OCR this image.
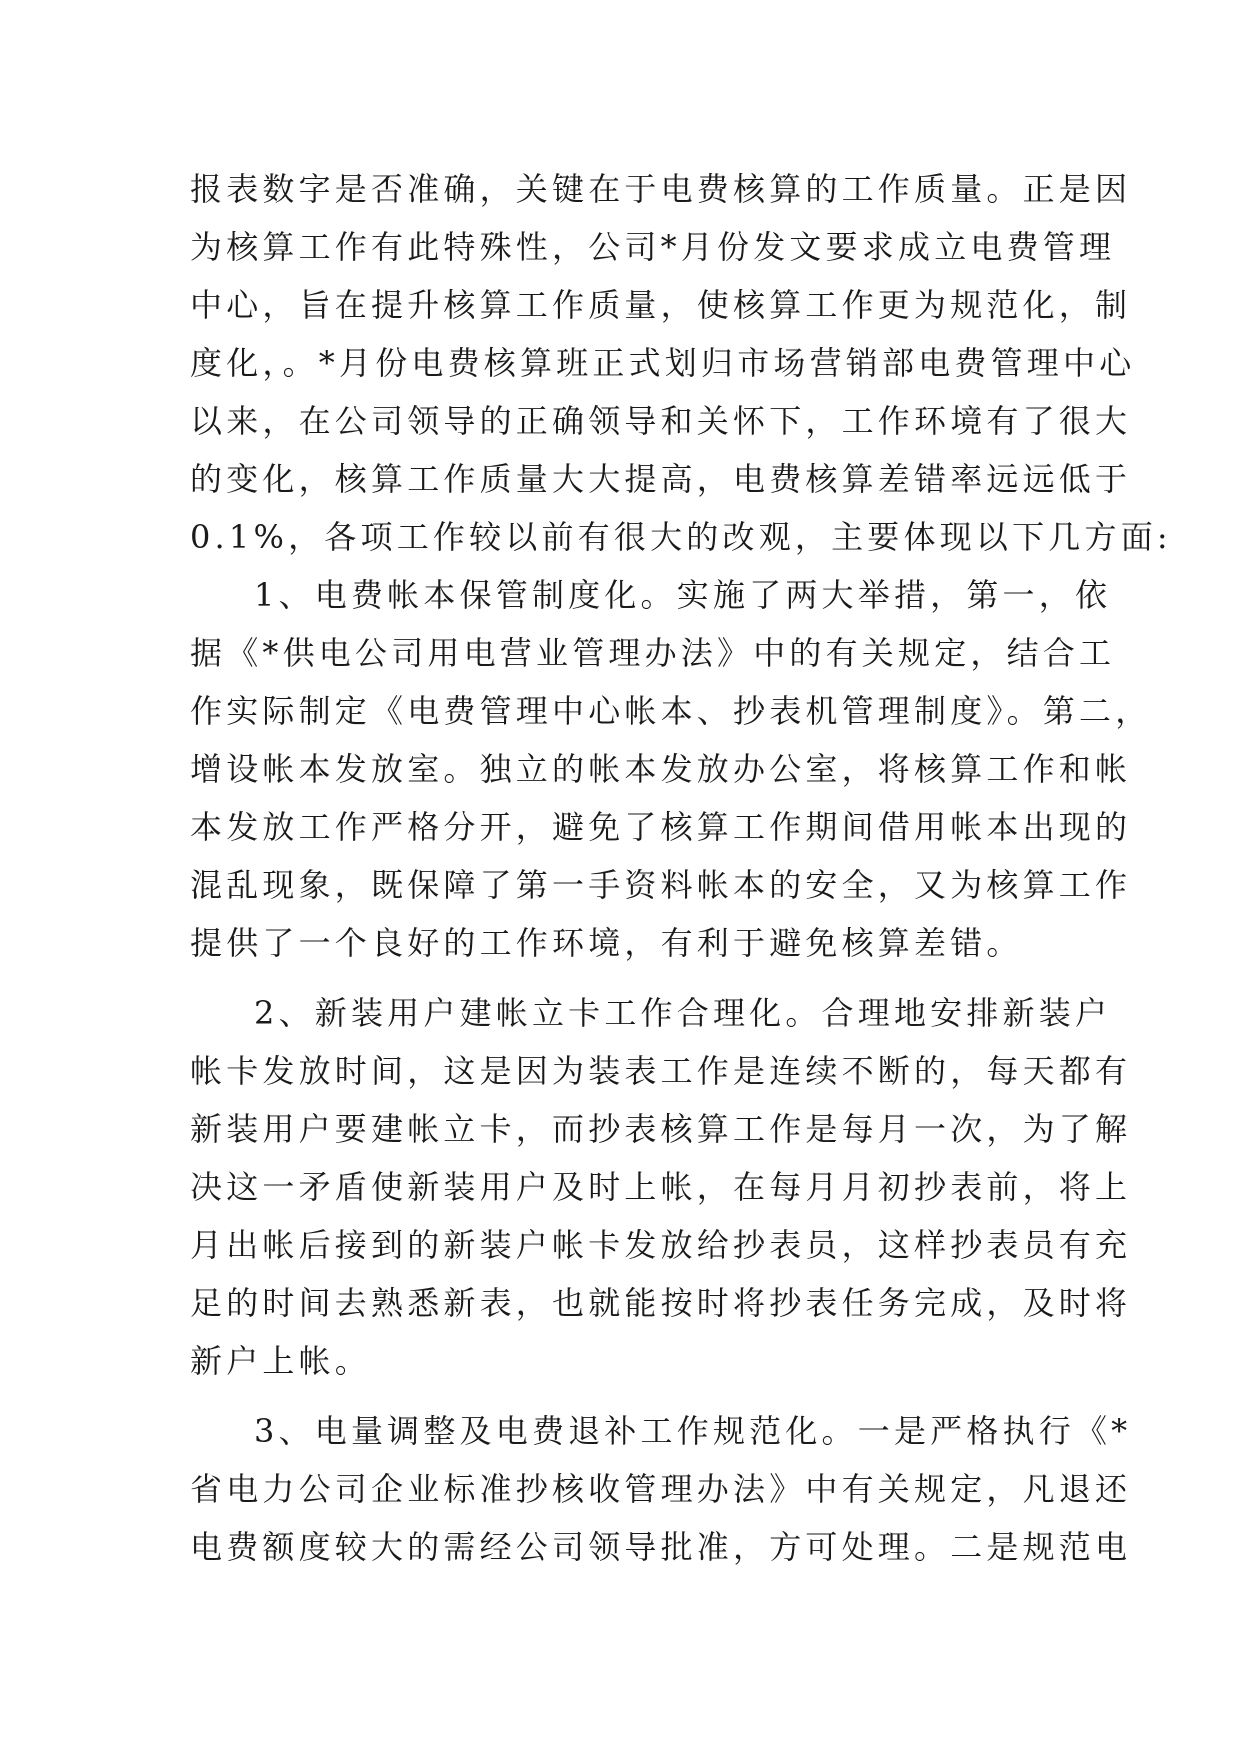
报表数字是否准确，关键在于电费核算的工作质量。正是因
为核算工作有此特殊性，公司*月份发文要求成立电费管理
中心，旨在提升核算工作质量，使核算工作更为规范化，制
度化，。*月份电费核算班正式划归市场营销部电费管理中心
以来，在公司领导的正确领导和关怀下，工作环境有了很大
的变化，核算工作质量大大提高，电费核算差错率远远低于
0.1%，各项工作较以前有很大的改观，主要体现以下几方面:
1、电费帐本保管制度化。实施了两大举措，第一，依
据《*供电公司用电营业管理办法》中的有关规定，结合工
作实际制定《电费管理中心帐本、抄表机管理制度》。第二，
增设帐本发放室。独立的帐本发放办公室，将核算工作和帐
本发放工作严格分开，避免了核算工作期间借用帐本出现的
混乱现象，既保障了第一手资料帐本的安全，又为核算工作
提供了一个良好的工作环境，有利于避免核算差错。
2、新装用户建帐立卡工作合理化。合理地安排新装户
帐卡发放时间，这是因为装表工作是连续不断的，每天都有
新装用户要建帐立卡，而抄表核算工作是每月一次，为了解
决这一矛盾使新装用户及时上帐，在每月月初抄表前，将上
月出帐后接到的新装户帐卡发放给抄表员，这样抄表员有充
足的时间去熟悉新表，也就能按时将抄表任务完成，及时将
新户上帐。
3、电量调整及电费退补工作规范化。一是严格执行《*
省电力公司企业标准抄核收管理办法》中有关规定，凡退还
电费额度较大的需经公司领导批准，方可处理。二是规范电
